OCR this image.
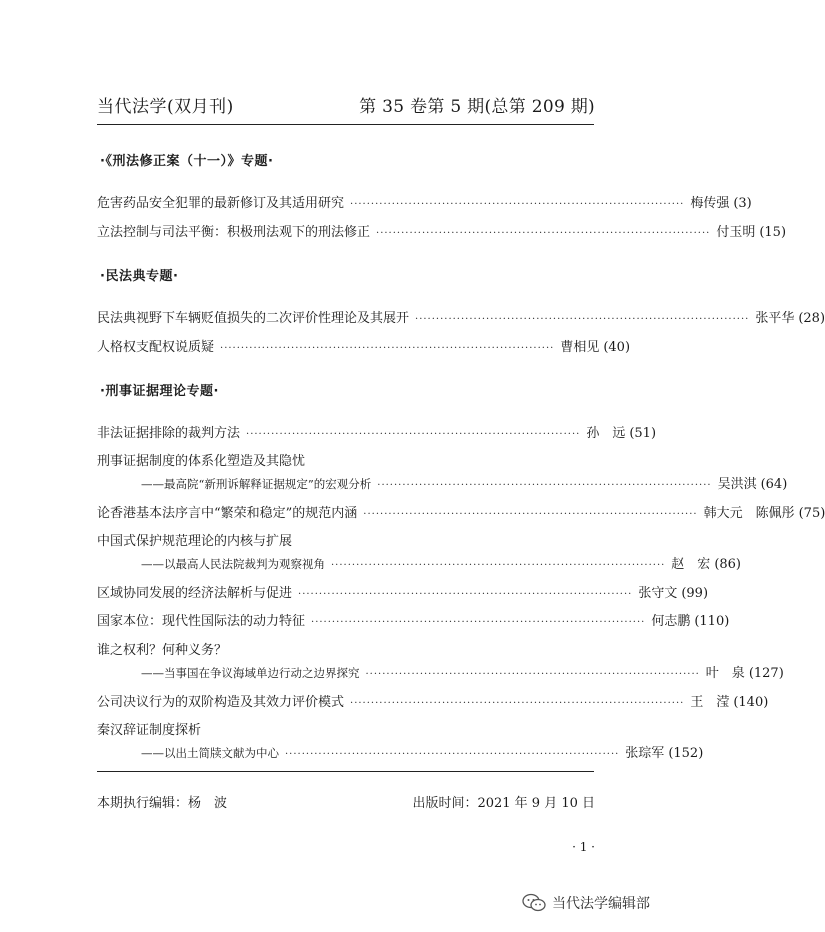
当代法学(双月刊)	第 35 卷第 5 期(总第 209 期)
·《刑法修正案（十一）》专题·
危害药品安全犯罪的最新修订及其适用研究 ················································································ 梅传强 (3)
立法控制与司法平衡：积极刑法观下的刑法修正 ················································································ 付玉明 (15)
·民法典专题·
民法典视野下车辆贬值损失的二次评价性理论及其展开 ················································································ 张平华 (28)
人格权支配权说质疑 ················································································ 曹相见 (40)
·刑事证据理论专题·
非法证据排除的裁判方法 ················································································ 孙　远 (51)
刑事证据制度的体系化塑造及其隐忧
——最高院“新刑诉解释证据规定”的宏观分析 ················································································ 吴洪淇 (64)
论香港基本法序言中“繁荣和稳定”的规范内涵 ················································································ 韩大元　陈佩彤 (75)
中国式保护规范理论的内核与扩展
——以最高人民法院裁判为观察视角 ················································································ 赵　宏 (86)
区域协同发展的经济法解析与促进 ················································································ 张守文 (99)
国家本位：现代性国际法的动力特征 ················································································ 何志鹏 (110)
谁之权利？何种义务？
——当事国在争议海域单边行动之边界探究 ················································································ 叶　泉 (127)
公司决议行为的双阶构造及其效力评价模式 ················································································ 王　滢 (140)
秦汉辞证制度探析
——以出土简牍文献为中心 ················································································ 张琮军 (152)
本期执行编辑：杨　波	出版时间：2021 年 9 月 10 日
· 1 ·
当代法学编辑部
